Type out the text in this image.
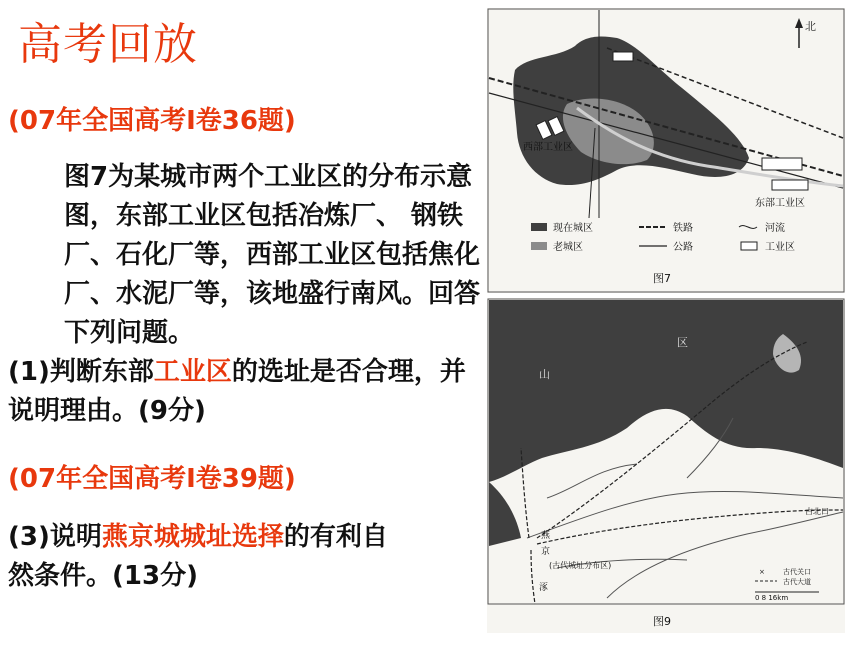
高考回放

(07年全国高考Ⅰ卷36题)

图7为某城市两个工业区的分布示意图，东部工业区包括冶炼厂、 钢铁厂、石化厂等，西部工业区包括焦化厂、水泥厂等，该地盛行南风。回答下列问题。
(1)判断东部工业区的选址是否合理，并说明理由。(9分)

(07年全国高考Ⅰ卷39题)

(3)说明燕京城城址选择的有利自然条件。(13分)
北
西部工业区
东部工业区
现在城区
老城区
铁路
公路
河流
工业区
图7
山
区
古北口
燕
京
(古代城址分布区)
涿
×	古代关口
古代大道
0 8 16km
图9
